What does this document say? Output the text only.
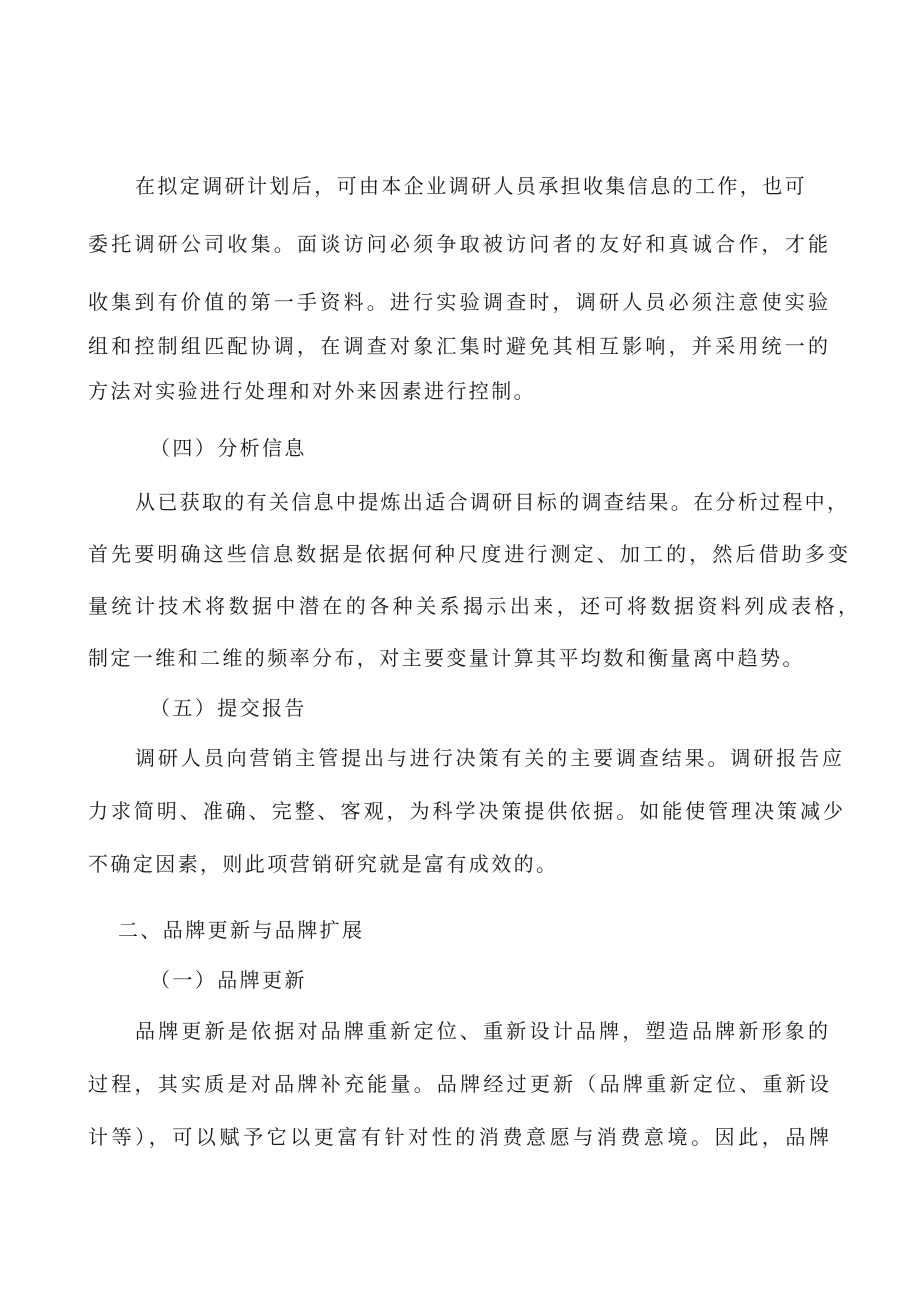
在拟定调研计划后，可由本企业调研人员承担收集信息的工作，也可
委托调研公司收集。面谈访问必须争取被访问者的友好和真诚合作，才能
收集到有价值的第一手资料。进行实验调查时，调研人员必须注意使实验
组和控制组匹配协调，在调查对象汇集时避免其相互影响，并采用统一的
方法对实验进行处理和对外来因素进行控制。
（四）分析信息
从已获取的有关信息中提炼出适合调研目标的调查结果。在分析过程中，
首先要明确这些信息数据是依据何种尺度进行测定、加工的，然后借助多变
量统计技术将数据中潜在的各种关系揭示出来，还可将数据资料列成表格，
制定一维和二维的频率分布，对主要变量计算其平均数和衡量离中趋势。
（五）提交报告
调研人员向营销主管提出与进行决策有关的主要调查结果。调研报告应
力求简明、准确、完整、客观，为科学决策提供依据。如能使管理决策减少
不确定因素，则此项营销研究就是富有成效的。
二、品牌更新与品牌扩展
（一）品牌更新
品牌更新是依据对品牌重新定位、重新设计品牌，塑造品牌新形象的
过程，其实质是对品牌补充能量。品牌经过更新（品牌重新定位、重新设
计等），可以赋予它以更富有针对性的消费意愿与消费意境。因此，品牌
